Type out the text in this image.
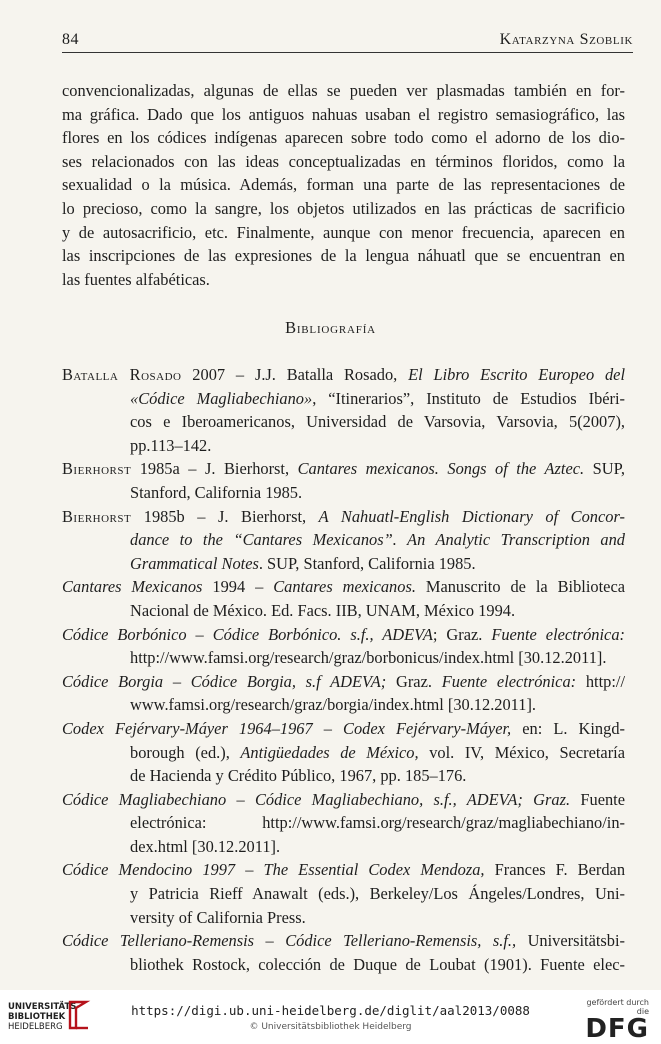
84	Katarzyna Szoblik

convencionalizadas, algunas de ellas se pueden ver plasmadas también en for-
ma gráfica. Dado que los antiguos nahuas usaban el registro semasiográfico, las
flores en los códices indígenas aparecen sobre todo como el adorno de los dio-
ses relacionados con las ideas conceptualizadas en términos floridos, como la
sexualidad o la música. Además, forman una parte de las representaciones de
lo precioso, como la sangre, los objetos utilizados en las prácticas de sacrificio
y de autosacrificio, etc. Finalmente, aunque con menor frecuencia, aparecen en
las inscripciones de las expresiones de la lengua náhuatl que se encuentran en
las fuentes alfabéticas.

Bibliografía
Batalla Rosado 2007 – J.J. Batalla Rosado, El Libro Escrito Europeo del
«Códice Magliabechiano», “Itinerarios”, Instituto de Estudios Ibéri-
cos e Iberoamericanos, Universidad de Varsovia, Varsovia, 5(2007),
pp.113–142.
Bierhorst 1985a – J. Bierhorst, Cantares mexicanos. Songs of the Aztec. SUP,
Stanford, California 1985.
Bierhorst 1985b – J. Bierhorst, A Nahuatl-English Dictionary of Concor-
dance to the “Cantares Mexicanos”. An Analytic Transcription and
Grammatical Notes. SUP, Stanford, California 1985.
Cantares Mexicanos 1994 – Cantares mexicanos. Manuscrito de la Biblioteca
Nacional de México. Ed. Facs. IIB, UNAM, México 1994.
Códice Borbónico – Códice Borbónico. s.f., ADEVA; Graz. Fuente electrónica:
http://www.famsi.org/research/graz/borbonicus/index.html [30.12.2011].
Códice Borgia – Códice Borgia, s.f ADEVA; Graz. Fuente electrónica: http://
www.famsi.org/research/graz/borgia/index.html [30.12.2011].
Codex Fejérvary-Máyer 1964–1967 – Codex Fejérvary-Máyer, en: L. Kingd-
borough (ed.), Antigüedades de México, vol. IV, México, Secretaría
de Hacienda y Crédito Público, 1967, pp. 185–176.
Códice Magliabechiano – Códice Magliabechiano, s.f., ADEVA; Graz. Fuente
electrónica: http://www.famsi.org/research/graz/magliabechiano/in-
dex.html [30.12.2011].
Códice Mendocino 1997 – The Essential Codex Mendoza, Frances F. Berdan
y Patricia Rieff Anawalt (eds.), Berkeley/Los Ángeles/Londres, Uni-
versity of California Press.
Códice Telleriano-Remensis – Códice Telleriano-Remensis, s.f., Universitätsbi-
bliothek Rostock, colección de Duque de Loubat (1901). Fuente elec-
UNIVERSITÄTS-
BIBLIOTHEK
HEIDELBERG
https://digi.ub.uni-heidelberg.de/diglit/aal2013/0088
© Universitätsbibliothek Heidelberg
gefördert durch die
DFG
